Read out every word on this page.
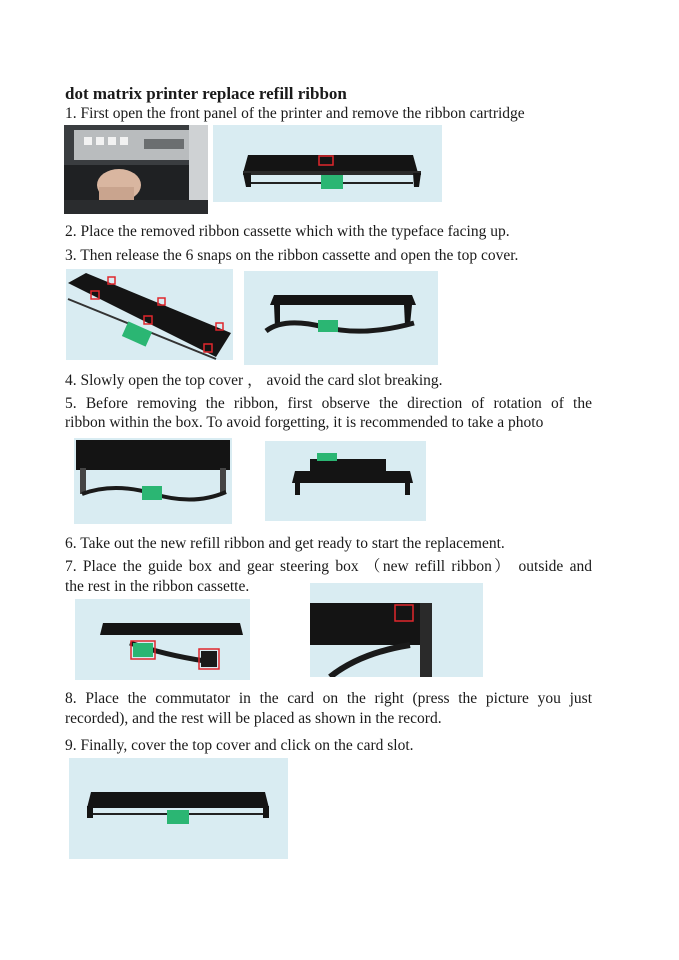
dot matrix printer replace refill ribbon
1. First open the front panel of the printer and remove the ribbon cartridge
2. Place the removed ribbon cassette which with the typeface facing up.
3. Then release the 6 snaps on the ribbon cassette and open the top cover.
4. Slowly open the top cover ， avoid the card slot breaking.
5. Before removing the ribbon, first observe the direction of rotation of the
ribbon within the box. To avoid forgetting, it is recommended to take a photo
6. Take out the new refill ribbon and get ready to start the replacement.
7. Place the guide box and gear steering box （new refill ribbon） outside and
the rest in the ribbon cassette.
8. Place the commutator in the card on the right (press the picture you just
recorded), and the rest will be placed as shown in the record.
9. Finally, cover the top cover and click on the card slot.
